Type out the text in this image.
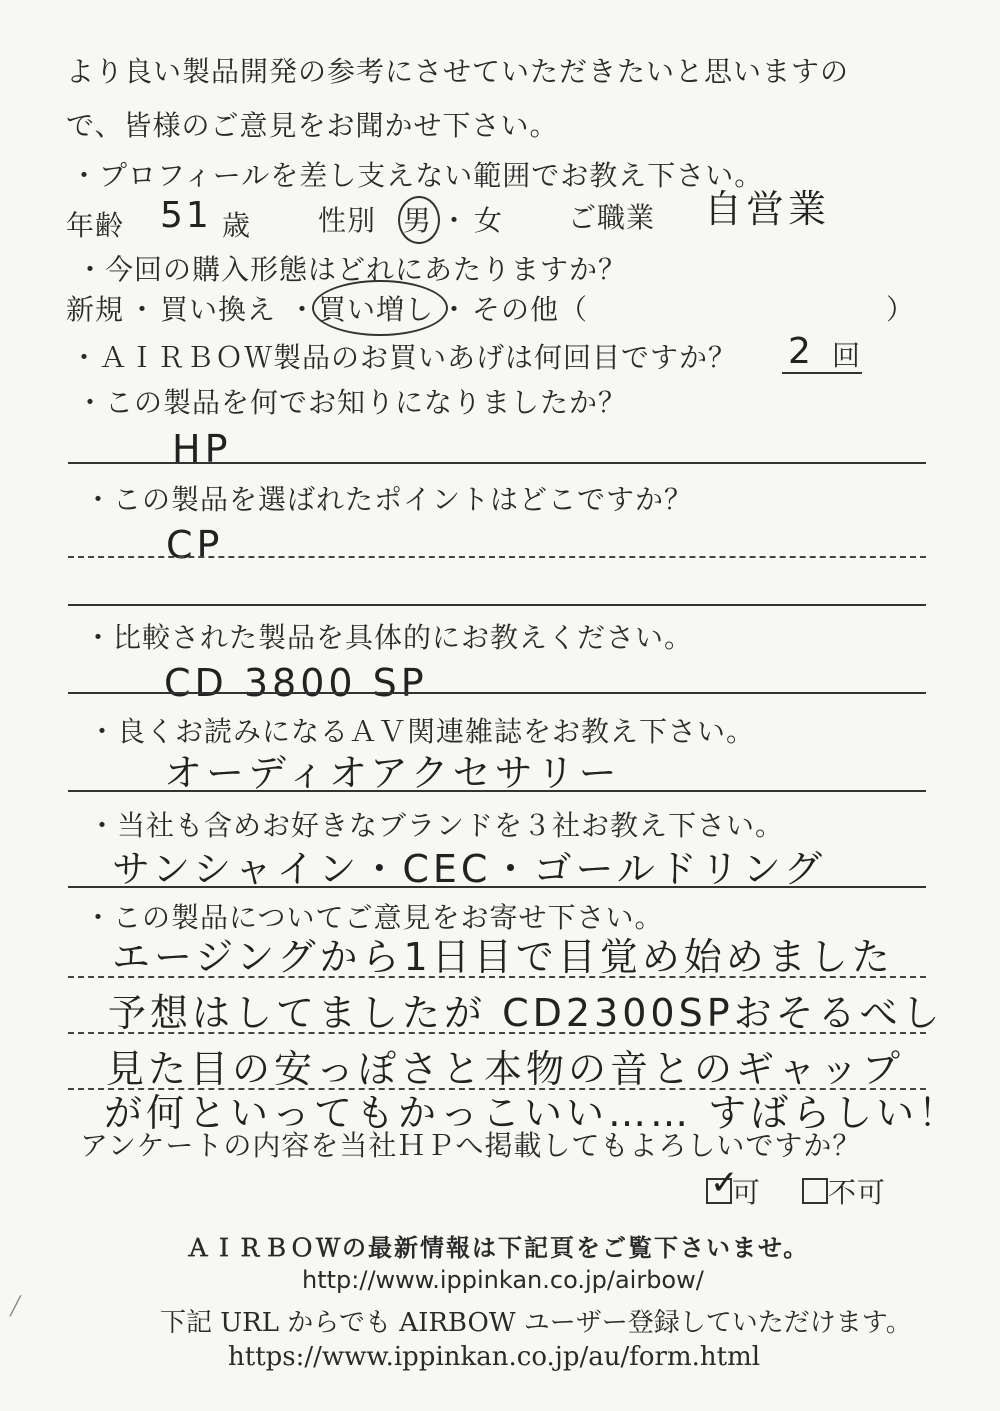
より良い製品開発の参考にさせていただきたいと思いますの
で、皆様のご意見をお聞かせ下さい。
・プロフィールを差し支えない範囲でお教え下さい。
年齢 51 歳 性別 男 ・ 女 ご職業 自営業
・今回の購入形態はどれにあたりますか？
新規 ・ 買い換え ・ 買い増し ・ その他（	）
・ＡＩＲＢＯＷ製品のお買いあげは何回目ですか？ 2 回
・この製品を何でお知りになりましたか？
HP
・この製品を選ばれたポイントはどこですか？
CP
・比較された製品を具体的にお教えください。
CD 3800 SP
・良くお読みになるＡＶ関連雑誌をお教え下さい。
オーディオアクセサリー
・当社も含めお好きなブランドを３社お教え下さい。
サンシャイン・CEC・ゴールドリング
・この製品についてご意見をお寄せ下さい。
エージングから1日目で目覚め始めました
予想はしてましたが CD2300SPおそるべし
見た目の安っぽさと本物の音とのギャップ
が何といってもかっこいい…… すばらしい！
アンケートの内容を当社ＨＰへ掲載してもよろしいですか？
✓
可	不可
ＡＩＲＢＯＷの最新情報は下記頁をご覧下さいませ。
http://www.ippinkan.co.jp/airbow/
下記 URL からでも AIRBOW ユーザー登録していただけます。
https://www.ippinkan.co.jp/au/form.html
╱
